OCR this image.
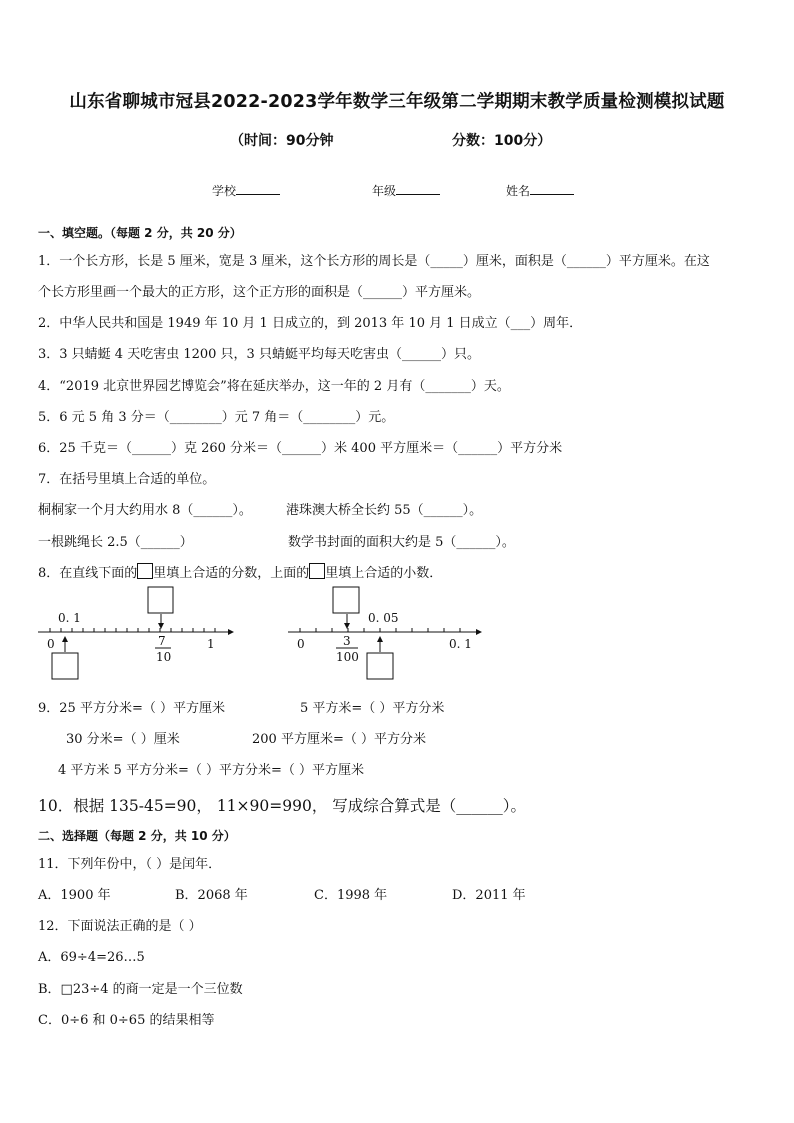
山东省聊城市冠县2022-2023学年数学三年级第二学期期末教学质量检测模拟试题
（时间：90分钟	分数：100分）
学校	年级	姓名
一、填空题。（每题 2 分，共 20 分）
1．一个长方形，长是 5 厘米，宽是 3 厘米，这个长方形的周长是（_____）厘米，面积是（______）平方厘米。在这
个长方形里画一个最大的正方形，这个正方形的面积是（______）平方厘米。
2．中华人民共和国是 1949 年 10 月 1 日成立的，到 2013 年 10 月 1 日成立（___）周年．
3．3 只蜻蜓 4 天吃害虫 1200 只，3 只蜻蜓平均每天吃害虫（______）只。
4．“2019 北京世界园艺博览会”将在延庆举办，这一年的 2 月有（_______）天。
5．6 元 5 角 3 分＝（________）元 7 角＝（________）元。
6．25 千克＝（______）克 260 分米＝（______）米 400 平方厘米＝（______）平方分米
7．在括号里填上合适的单位。
桐桐家一个月大约用水 8（______）。	港珠澳大桥全长约 55（______）。
一根跳绳长 2.5（______）	数学书封面的面积大约是 5（______）。
8．在直线下面的 里填上合适的分数，上面的 里填上合适的小数．
0. 1
0	7
10
1
0. 05
0	3
100
0. 1
9．25 平方分米=（ ）平方厘米	5 平方米=（ ）平方分米
30 分米=（ ）厘米	200 平方厘米=（ ）平方分米
4 平方米 5 平方分米=（ ）平方分米=（ ）平方厘米
10．根据 135-45=90， 11×90=990， 写成综合算式是（______）。
二、选择题（每题 2 分，共 10 分）
11．下列年份中，（ ）是闰年．
A．1900 年	B．2068 年	C．1998 年	D．2011 年
12．下面说法正确的是（ ）
A．69÷4=26…5
B．□23÷4 的商一定是一个三位数
C．0÷6 和 0÷65 的结果相等
